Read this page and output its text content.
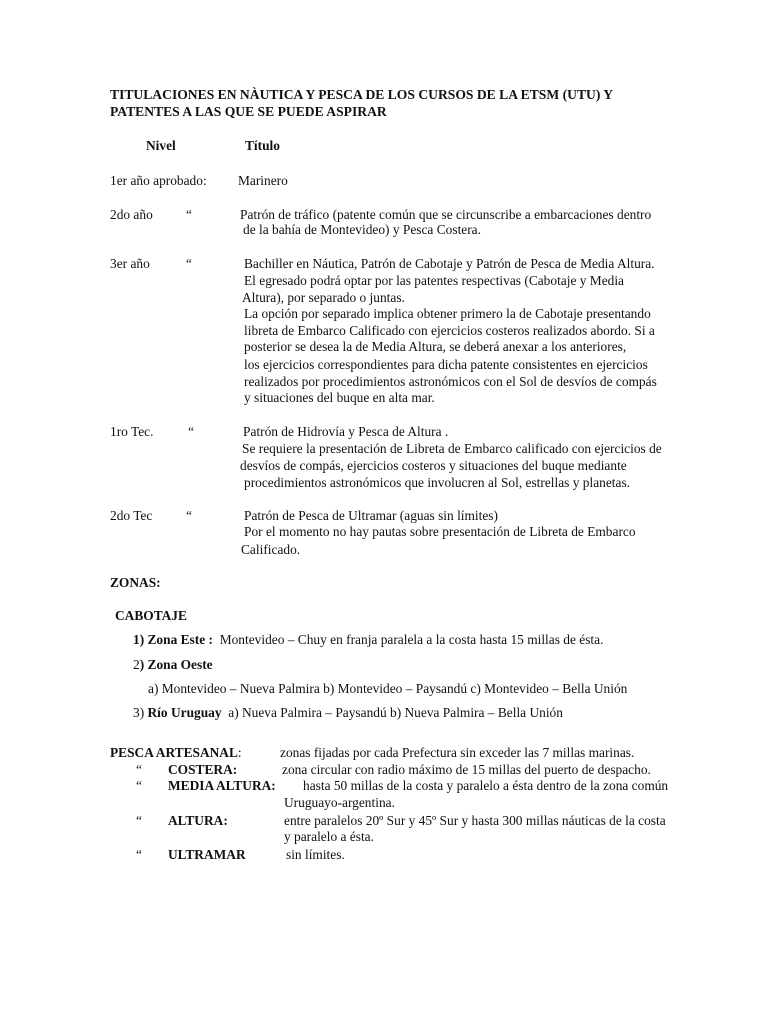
TITULACIONES EN NÀUTICA Y PESCA DE LOS CURSOS DE LA ETSM (UTU) Y
PATENTES A LAS QUE SE PUEDE ASPIRAR
Nivel	Título
1er año aprobado: Marinero
2do año “	Patrón de tráfico (patente común que se circunscribe a embarcaciones dentro
de la bahía de Montevideo) y Pesca Costera.
3er año	“	Bachiller en Náutica, Patrón de Cabotaje y Patrón de Pesca de Media Altura.
El egresado podrá optar por las patentes respectivas (Cabotaje y Media
Altura), por separado o juntas.
La opción por separado implica obtener primero la de Cabotaje presentando
libreta de Embarco Calificado con ejercicios costeros realizados abordo. Si a
posterior se desea la de Media Altura, se deberá anexar a los anteriores,
los ejercicios correspondientes para dicha patente consistentes en ejercicios
realizados por procedimientos astronómicos con el Sol de desvíos de compás
y situaciones del buque en alta mar.
1ro Tec.	“	Patrón de Hidrovía y Pesca de Altura .
Se requiere la presentación de Libreta de Embarco calificado con ejercicios de
desvíos de compás, ejercicios costeros y situaciones del buque mediante
procedimientos astronómicos que involucren al Sol, estrellas y planetas.
2do Tec	“	Patrón de Pesca de Ultramar (aguas sin límites)
Por el momento no hay pautas sobre presentación de Libreta de Embarco
Calificado.
ZONAS:
CABOTAJE
1) Zona Este : Montevideo – Chuy en franja paralela a la costa hasta 15 millas de ésta.
2) Zona Oeste
a) Montevideo – Nueva Palmira b) Montevideo – Paysandú c) Montevideo – Bella Unión
3) Río Uruguay a) Nueva Palmira – Paysandú b) Nueva Palmira – Bella Unión
PESCA ARTESANAL:	zonas fijadas por cada Prefectura sin exceder las 7 millas marinas.
“ COSTERA:	zona circular con radio máximo de 15 millas del puerto de despacho.
“ MEDIA ALTURA: hasta 50 millas de la costa y paralelo a ésta dentro de la zona común
Uruguayo-argentina.
“ ALTURA:	entre paralelos 20º Sur y 45º Sur y hasta 300 millas náuticas de la costa
y paralelo a ésta.
“ ULTRAMAR	sin límites.
